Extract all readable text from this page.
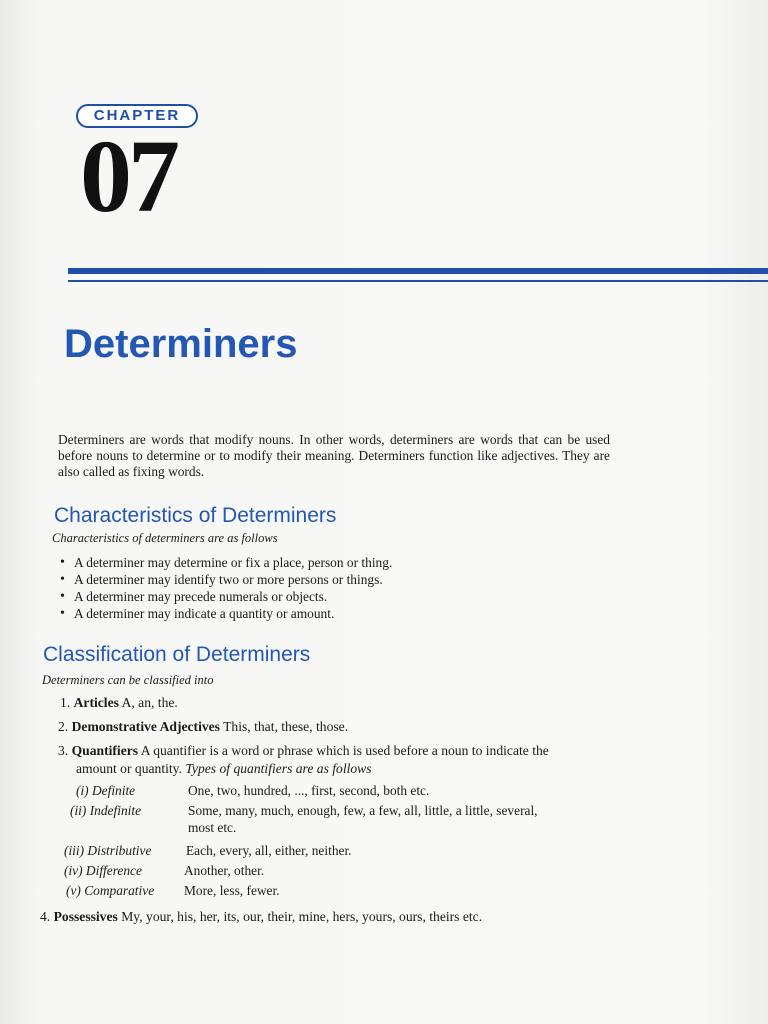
CHAPTER
07
Determiners

Determiners are words that modify nouns. In other words, determiners are words that can be used before nouns to determine or to modify their meaning. Determiners function like adjectives. They are also called as fixing words.

Characteristics of Determiners

Characteristics of determiners are as follows

• A determiner may determine or fix a place, person or thing.
• A determiner may identify two or more persons or things.
• A determiner may precede numerals or objects.
• A determiner may indicate a quantity or amount.
Classification of Determiners

Determiners can be classified into

1. Articles A, an, the.

2. Demonstrative Adjectives This, that, these, those.

3. Quantifiers A quantifier is a word or phrase which is used before a noun to indicate the

amount or quantity. Types of quantifiers are as follows

(i) Definite	One, two, hundred, ..., first, second, both etc.
(ii) Indefinite	Some, many, much, enough, few, a few, all, little, a little, several,
most etc.
(iii) Distributive	Each, every, all, either, neither.
(iv) Difference	Another, other.
(v) Comparative More, less, fewer.

4. Possessives My, your, his, her, its, our, their, mine, hers, yours, ours, theirs etc.
